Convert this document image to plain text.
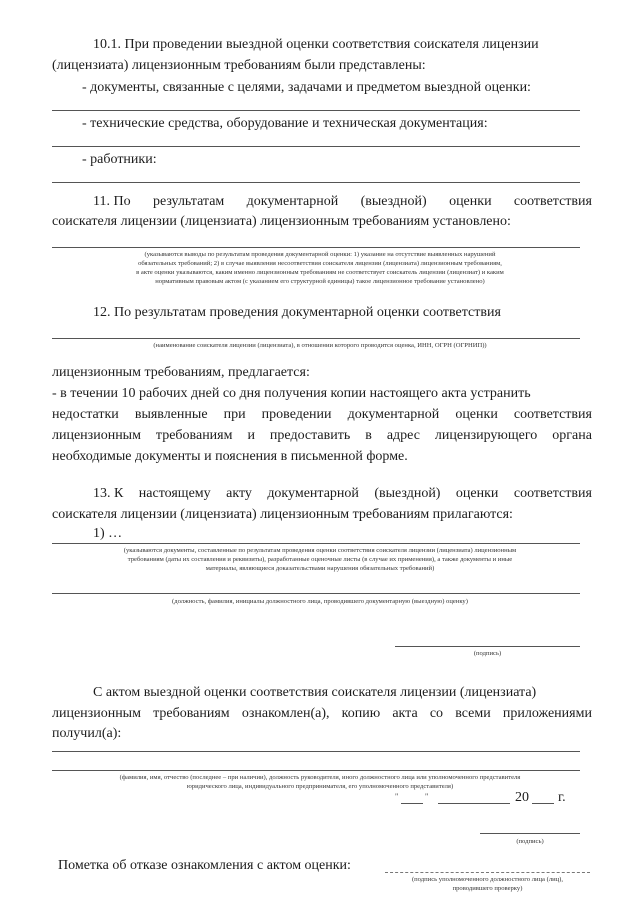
10.1. При проведении выездной оценки соответствия соискателя лицензии
(лицензиата) лицензионным требованиям были представлены:
- документы, связанные с целями, задачами и предметом выездной оценки:
- технические средства, оборудование и техническая документация:
- работники:
11. По результатам документарной (выездной) оценки соответствия
соискателя лицензии (лицензиата) лицензионным требованиям установлено:
(указываются выводы по результатам проведения документарной оценки: 1) указание на отсутствие выявленных нарушений
обязательных требований; 2) в случае выявления несоответствия соискателя лицензии (лицензиата) лицензионным требованиям,
в акте оценки указываются, каким именно лицензионным требованиям не соответствует соискатель лицензии (лицензиат) и каким
нормативным правовым актом (с указанием его структурной единицы) такое лицензионное требование установлено)
12. По результатам проведения документарной оценки соответствия
(наименование соискателя лицензии (лицензиата), в отношении которого проводится оценка, ИНН, ОГРН (ОГРНИП))
лицензионным требованиям, предлагается:
- в течении 10 рабочих дней со дня получения копии настоящего акта устранить
недостатки выявленные при проведении документарной оценки соответствия
лицензионным требованиям и предоставить в адрес лицензирующего органа
необходимые документы и пояснения в письменной форме.
13. К настоящему акту документарной (выездной) оценки соответствия
соискателя лицензии (лицензиата) лицензионным требованиям прилагаются:
1) …
(указываются документы, составленные по результатам проведения оценки соответствия соискателя лицензии (лицензиата) лицензионным
требованиям (даты их составления и реквизиты), разработанные оценочные листы (в случае их применения), а также документы и иные
материалы, являющиеся доказательствами нарушения обязательных требований)
(должность, фамилия, инициалы должностного лица, проводившего документарную (выездную) оценку)
(подпись)
С актом выездной оценки соответствия соискателя лицензии (лицензиата)
лицензионным требованиям ознакомлен(а), копию акта со всеми приложениями
получил(а):
(фамилия, имя, отчество (последнее – при наличии), должность руководителя, иного должностного лица или уполномоченного представителя
юридического лица, индивидуального предпринимателя, его уполномоченного представителя)
"	"	20 г.
(подпись)
Пометка об отказе ознакомления с актом оценки:
(подпись уполномоченного должностного лица (лиц),
проводившего проверку)
